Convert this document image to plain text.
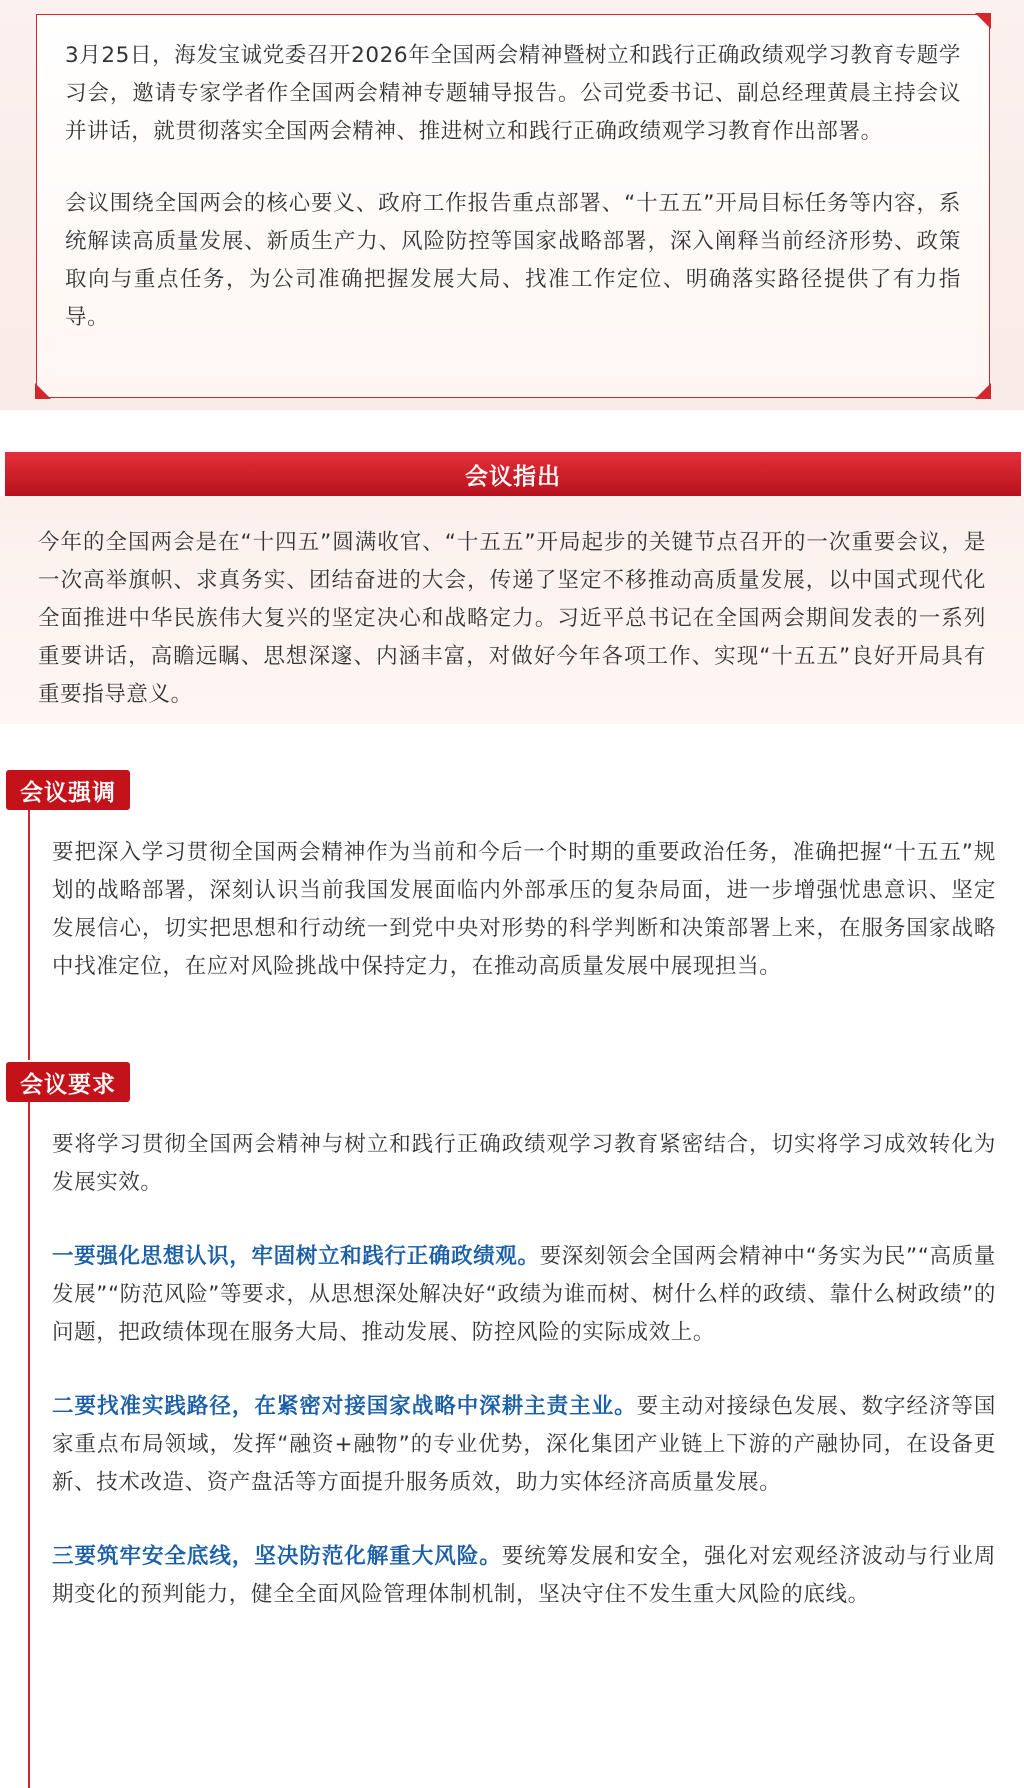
3月25日，海发宝诚党委召开2026年全国两会精神暨树立和践行正确政绩观学习教育专题学习会，邀请专家学者作全国两会精神专题辅导报告。公司党委书记、副总经理黄晨主持会议并讲话，就贯彻落实全国两会精神、推进树立和践行正确政绩观学习教育作出部署。

会议围绕全国两会的核心要义、政府工作报告重点部署、“十五五”开局目标任务等内容，系统解读高质量发展、新质生产力、风险防控等国家战略部署，深入阐释当前经济形势、政策取向与重点任务，为公司准确把握发展大局、找准工作定位、明确落实路径提供了有力指导。

会议指出

今年的全国两会是在“十四五”圆满收官、“十五五”开局起步的关键节点召开的一次重要会议，是一次高举旗帜、求真务实、团结奋进的大会，传递了坚定不移推动高质量发展，以中国式现代化全面推进中华民族伟大复兴的坚定决心和战略定力。习近平总书记在全国两会期间发表的一系列重要讲话，高瞻远瞩、思想深邃、内涵丰富，对做好今年各项工作、实现“十五五”良好开局具有重要指导意义。

会议强调

要把深入学习贯彻全国两会精神作为当前和今后一个时期的重要政治任务，准确把握“十五五”规划的战略部署，深刻认识当前我国发展面临内外部承压的复杂局面，进一步增强忧患意识、坚定发展信心，切实把思想和行动统一到党中央对形势的科学判断和决策部署上来，在服务国家战略中找准定位，在应对风险挑战中保持定力，在推动高质量发展中展现担当。

会议要求

要将学习贯彻全国两会精神与树立和践行正确政绩观学习教育紧密结合，切实将学习成效转化为发展实效。

一要强化思想认识，牢固树立和践行正确政绩观。要深刻领会全国两会精神中“务实为民”“高质量发展”“防范风险”等要求，从思想深处解决好“政绩为谁而树、树什么样的政绩、靠什么树政绩”的问题，把政绩体现在服务大局、推动发展、防控风险的实际成效上。

二要找准实践路径，在紧密对接国家战略中深耕主责主业。要主动对接绿色发展、数字经济等国家重点布局领域，发挥“融资+融物”的专业优势，深化集团产业链上下游的产融协同，在设备更新、技术改造、资产盘活等方面提升服务质效，助力实体经济高质量发展。

三要筑牢安全底线，坚决防范化解重大风险。要统筹发展和安全，强化对宏观经济波动与行业周期变化的预判能力，健全全面风险管理体制机制，坚决守住不发生重大风险的底线。
